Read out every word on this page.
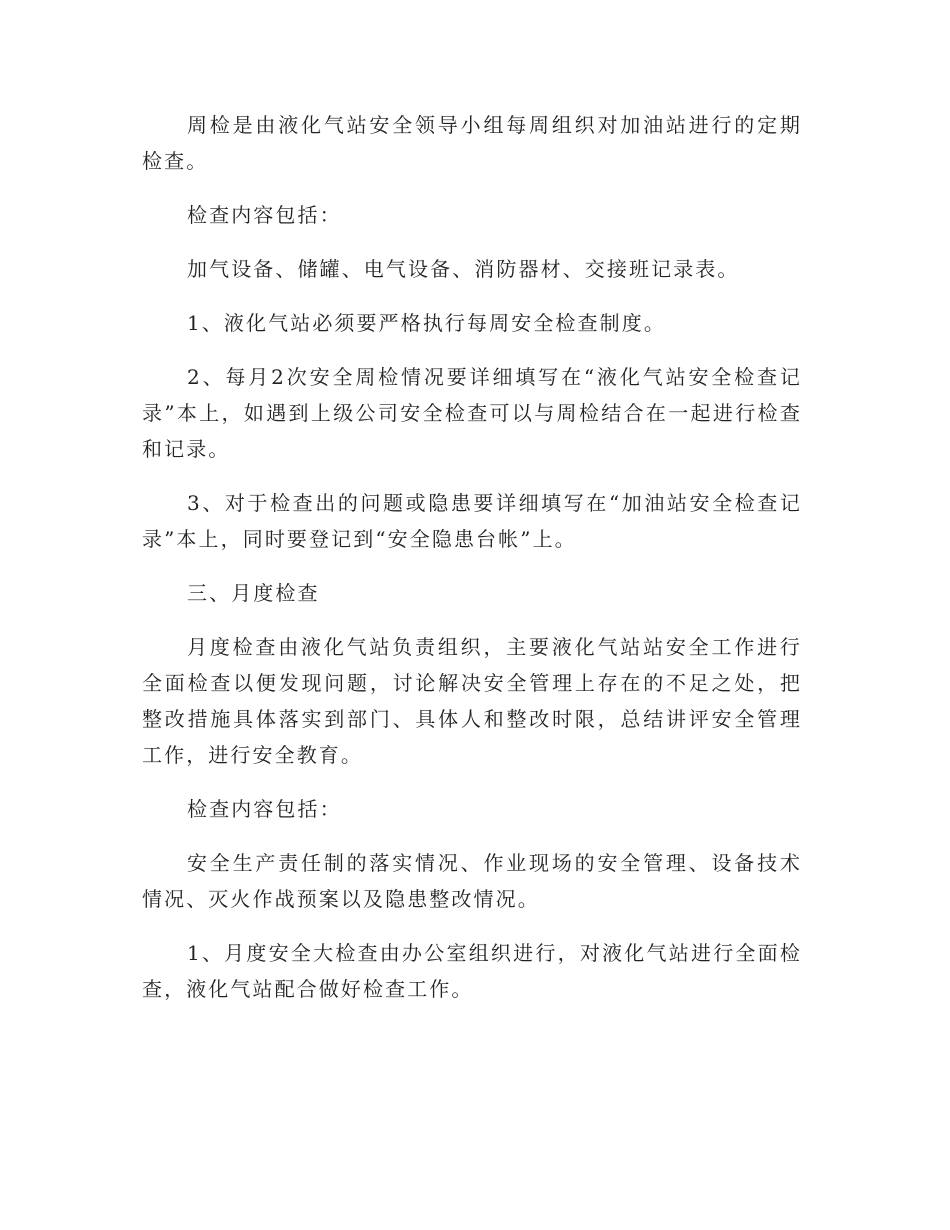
周检是由液化气站安全领导小组每周组织对加油站进行的定期检查。

检查内容包括：

加气设备、储罐、电气设备、消防器材、交接班记录表。

1、液化气站必须要严格执行每周安全检查制度。

2、每月2次安全周检情况要详细填写在“液化气站安全检查记录”本上，如遇到上级公司安全检查可以与周检结合在一起进行检查和记录。

3、对于检查出的问题或隐患要详细填写在“加油站安全检查记录”本上，同时要登记到“安全隐患台帐”上。

三、月度检查

月度检查由液化气站负责组织，主要液化气站站安全工作进行全面检查以便发现问题，讨论解决安全管理上存在的不足之处，把整改措施具体落实到部门、具体人和整改时限，总结讲评安全管理工作，进行安全教育。

检查内容包括：

安全生产责任制的落实情况、作业现场的安全管理、设备技术情况、灭火作战预案以及隐患整改情况。

1、月度安全大检查由办公室组织进行，对液化气站进行全面检查，液化气站配合做好检查工作。
